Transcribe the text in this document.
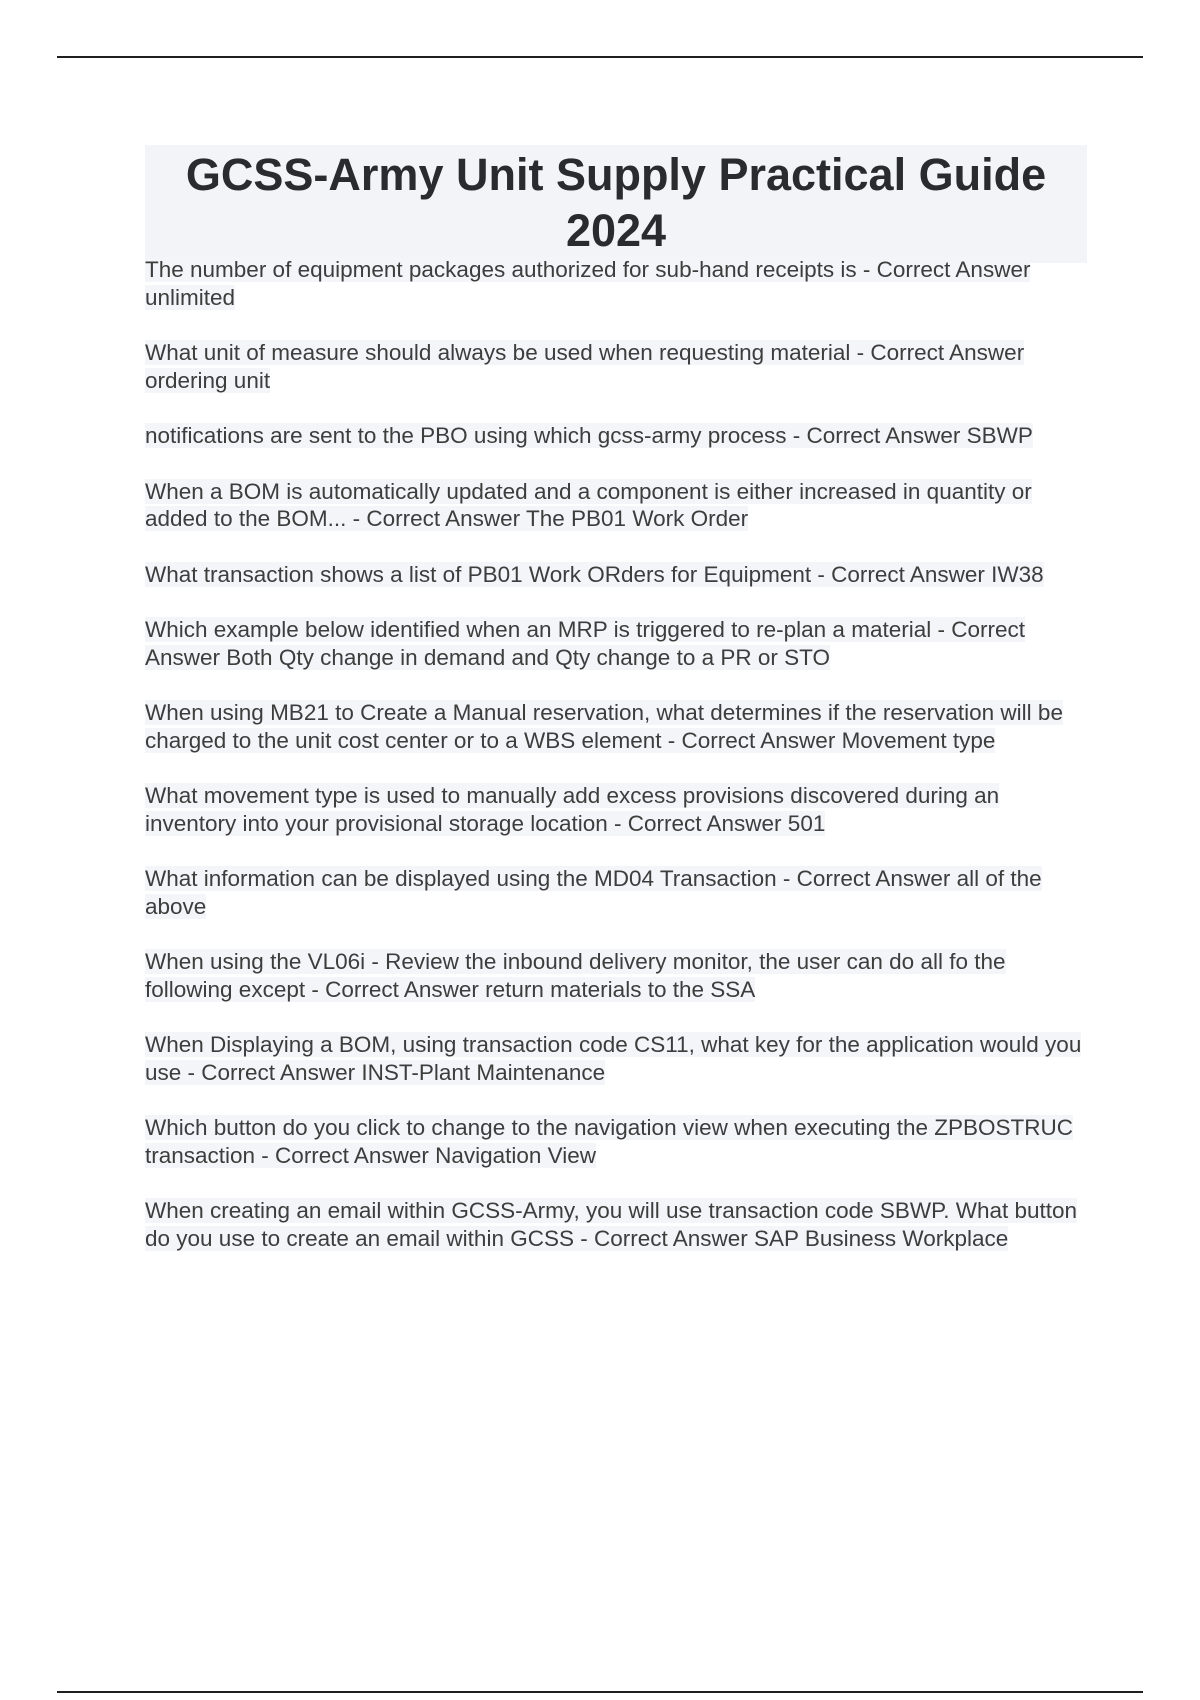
GCSS-Army Unit Supply Practical Guide 2024
The number of equipment packages authorized for sub-hand receipts is - Correct Answer unlimited
What unit of measure should always be used when requesting material - Correct Answer ordering unit
notifications are sent to the PBO using which gcss-army process - Correct Answer SBWP
When a BOM is automatically updated and a component is either increased in quantity or added to the BOM... - Correct Answer The PB01 Work Order
What transaction shows a list of PB01 Work ORders for Equipment - Correct Answer IW38
Which example below identified when an MRP is triggered to re-plan a material - Correct Answer Both Qty change in demand and Qty change to a PR or STO
When using MB21 to Create a Manual reservation, what determines if the reservation will be charged to the unit cost center or to a WBS element - Correct Answer Movement type
What movement type is used to manually add excess provisions discovered during an inventory into your provisional storage location - Correct Answer 501
What information can be displayed using the MD04 Transaction - Correct Answer all of the above
When using the VL06i - Review the inbound delivery monitor, the user can do all fo the following except - Correct Answer return materials to the SSA
When Displaying a BOM, using transaction code CS11, what key for the application would you use - Correct Answer INST-Plant Maintenance
Which button do you click to change to the navigation view when executing the ZPBOSTRUC transaction - Correct Answer Navigation View
When creating an email within GCSS-Army, you will use transaction code SBWP. What button do you use to create an email within GCSS - Correct Answer SAP Business Workplace
